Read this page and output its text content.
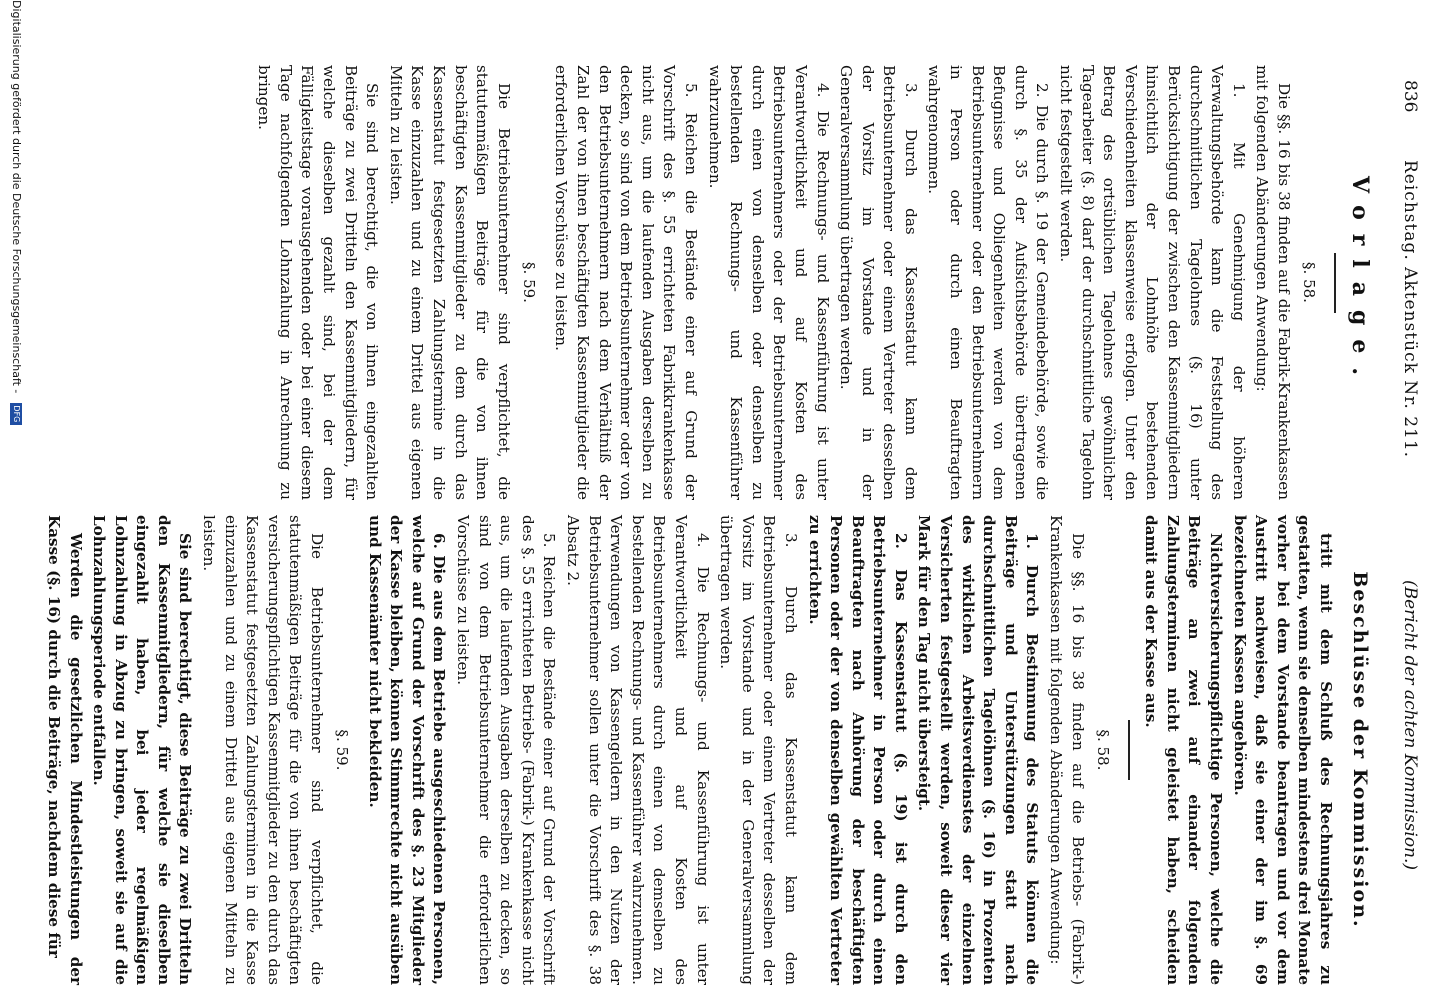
836
Reichstag. Aktenstück Nr. 211.
(Bericht der achten Kommission.)
Vorlage.
§. 58.

Die §§. 16 bis 38 finden auf die Fabrik-Krankenkassen mit folgenden Abänderungen Anwendung:

1. Mit Genehmigung der höheren Verwaltungsbehörde kann die Feststellung des durchschnittlichen Tagelohnes (§. 16) unter Berücksichtigung der zwischen den Kassenmitgliedern hinsichtlich der Lohnhöhe bestehenden Verschiedenheiten klassenweise erfolgen. Unter den Betrag des ortsüblichen Tagelohnes gewöhnlicher Tagearbeiter (§. 8) darf der durchschnittliche Tagelohn nicht festgestellt werden.

2. Die durch §. 19 der Gemeindebehörde, sowie die durch §. 35 der Aufsichtsbehörde übertragenen Befugnisse und Obliegenheiten werden von dem Betriebsunternehmer oder den Betriebsunternehmern in Person oder durch einen Beauftragten wahrgenommen.

3. Durch das Kassenstatut kann dem Betriebsunternehmer oder einem Vertreter desselben der Vorsitz im Vorstande und in der Generalversammlung übertragen werden.

4. Die Rechnungs- und Kassenführung ist unter Verantwortlichkeit und auf Kosten des Betriebsunternehmers oder der Betriebsunternehmer durch einen von denselben oder denselben zu bestellenden Rechnungs- und Kassenführer wahrzunehmen.

5. Reichen die Bestände einer auf Grund der Vorschrift des §. 55 errichteten Fabrikkrankenkasse nicht aus, um die laufenden Ausgaben derselben zu decken, so sind von dem Betriebsunternehmer oder von den Betriebsunternehmern nach dem Verhältniß der Zahl der von ihnen beschäftigten Kassenmitglieder die erforderlichen Vorschüsse zu leisten.

§. 59.

Die Betriebsunternehmer sind verpflichtet, die statutenmäßigen Beiträge für die von ihnen beschäftigten Kassenmitglieder zu dem durch das Kassenstatut festgesetzten Zahlungstermine in die Kasse einzuzahlen und zu einem Drittel aus eigenen Mitteln zu leisten.

Sie sind berechtigt, die von ihnen eingezahlten Beiträge zu zwei Dritteln den Kassenmitgliedern, für welche dieselben gezahlt sind, bei der dem Fälligkeitstage vorausgehenden oder bei einer diesem Tage nachfolgenden Lohnzahlung in Anrechnung zu bringen.

Beschlüsse der Kommission.

tritt mit dem Schluß des Rechnungsjahres zu gestatten, wenn sie denselben mindestens drei Monate vorher bei dem Vorstande beantragen und vor dem Austritt nachweisen, daß sie einer der im §. 69 bezeichneten Kassen angehören.

Nichtversicherungspflichtige Personen, welche die Beiträge an zwei auf einander folgenden Zahlungsterminen nicht geleistet haben, scheiden damit aus der Kasse aus.

§. 58.

Die §§. 16 bis 38 finden auf die Betriebs- (Fabrik-) Krankenkassen mit folgenden Abänderungen Anwendung:

1. Durch Bestimmung des Statuts können die Beiträge und Unterstützungen statt nach durchschnittlichen Tagelöhnen (§. 16) in Prozenten des wirklichen Arbeitsverdienstes der einzelnen Versicherten festgestellt werden, soweit dieser vier Mark für den Tag nicht übersteigt.

2. Das Kassenstatut (§. 19) ist durch den Betriebsunternehmer in Person oder durch einen Beauftragten nach Anhörung der beschäftigten Personen oder der von denselben gewählten Vertreter zu errichten.

3. Durch das Kassenstatut kann dem Betriebsunternehmer oder einem Vertreter desselben der Vorsitz im Vorstande und in der Generalversammlung übertragen werden.

4. Die Rechnungs- und Kassenführung ist unter Verantwortlichkeit und auf Kosten des Betriebsunternehmers durch einen von demselben zu bestellenden Rechnungs- und Kassenführer wahrzunehmen. Verwendungen von Kassengeldern in den Nutzen der Betriebsunternehmer sollen unter die Vorschrift des §. 38 Absatz 2.

5. Reichen die Bestände einer auf Grund der Vorschrift des §. 55 errichteten Betriebs- (Fabrik-) Krankenkasse nicht aus, um die laufenden Ausgaben derselben zu decken, so sind von dem Betriebsunternehmer die erforderlichen Vorschüsse zu leisten.

6. Die aus dem Betriebe ausgeschiedenen Personen, welche auf Grund der Vorschrift des §. 23 Mitglieder der Kasse bleiben, können Stimmrechte nicht ausüben und Kassenämter nicht bekleiden.

§. 59.

Die Betriebsunternehmer sind verpflichtet, die statutenmäßigen Beiträge für die von ihnen beschäftigten versicherungspflichtigen Kassenmitglieder zu den durch das Kassenstatut festgesetzten Zahlungsterminen in die Kasse einzuzahlen und zu einem Drittel aus eigenen Mitteln zu leisten.

Sie sind berechtigt, diese Beiträge zu zwei Dritteln den Kassenmitgliedern, für welche sie dieselben eingezahlt haben, bei jeder regelmäßigen Lohnzahlung in Abzug zu bringen, soweit sie auf die Lohnzahlungsperiode entfallen.

Werden die gesetzlichen Mindestleistungen der Kasse (§. 16) durch die Beiträge, nachdem diese für

Digitalisierung gefördert durch die Deutsche Forschungsgemeinschaft - DFG
